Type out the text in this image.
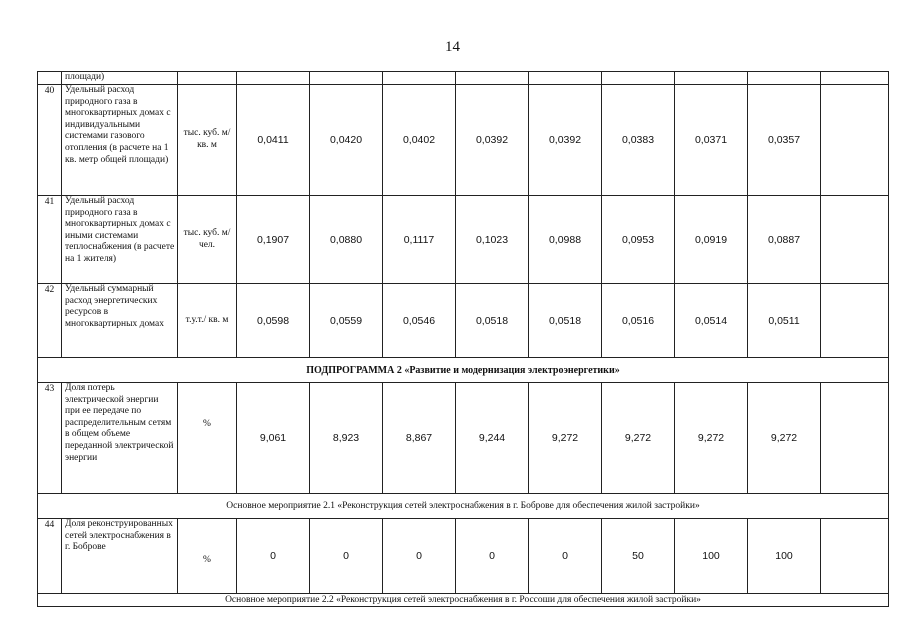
14
	площади)										
40	Удельный расход природного газа в многоквартирных домах с индивидуальными системами газового отопления (в расчете на 1 кв. метр общей площади)	тыс. куб. м/ кв. м	0,0411	0,0420	0,0402	0,0392	0,0392	0,0383	0,0371	0,0357	
41	Удельный расход природного газа в многоквартирных домах с иными системами теплоснабжения (в расчете на 1 жителя)	тыс. куб. м/ чел.	0,1907	0,0880	0,1117	0,1023	0,0988	0,0953	0,0919	0,0887	
42	Удельный суммарный расход энергетических ресурсов в многоквартирных домах	т.у.т./ кв. м	0,0598	0,0559	0,0546	0,0518	0,0518	0,0516	0,0514	0,0511	
ПОДПРОГРАММА 2 «Развитие и модернизация электроэнергетики»											
43	Доля потерь электрической энергии при ее передаче по распределительным сетям в общем объеме переданной электрической энергии	%	9,061	8,923	8,867	9,244	9,272	9,272	9,272	9,272	
Основное мероприятие 2.1 «Реконструкция сетей электроснабжения в г. Боброве для обеспечения жилой застройки»											
44	Доля реконструированных сетей электроснабжения в г. Боброве	%	0	0	0	0	0	50	100	100	
Основное мероприятие 2.2 «Реконструкция сетей электроснабжения в г. Россоши для обеспечения жилой застройки»											
